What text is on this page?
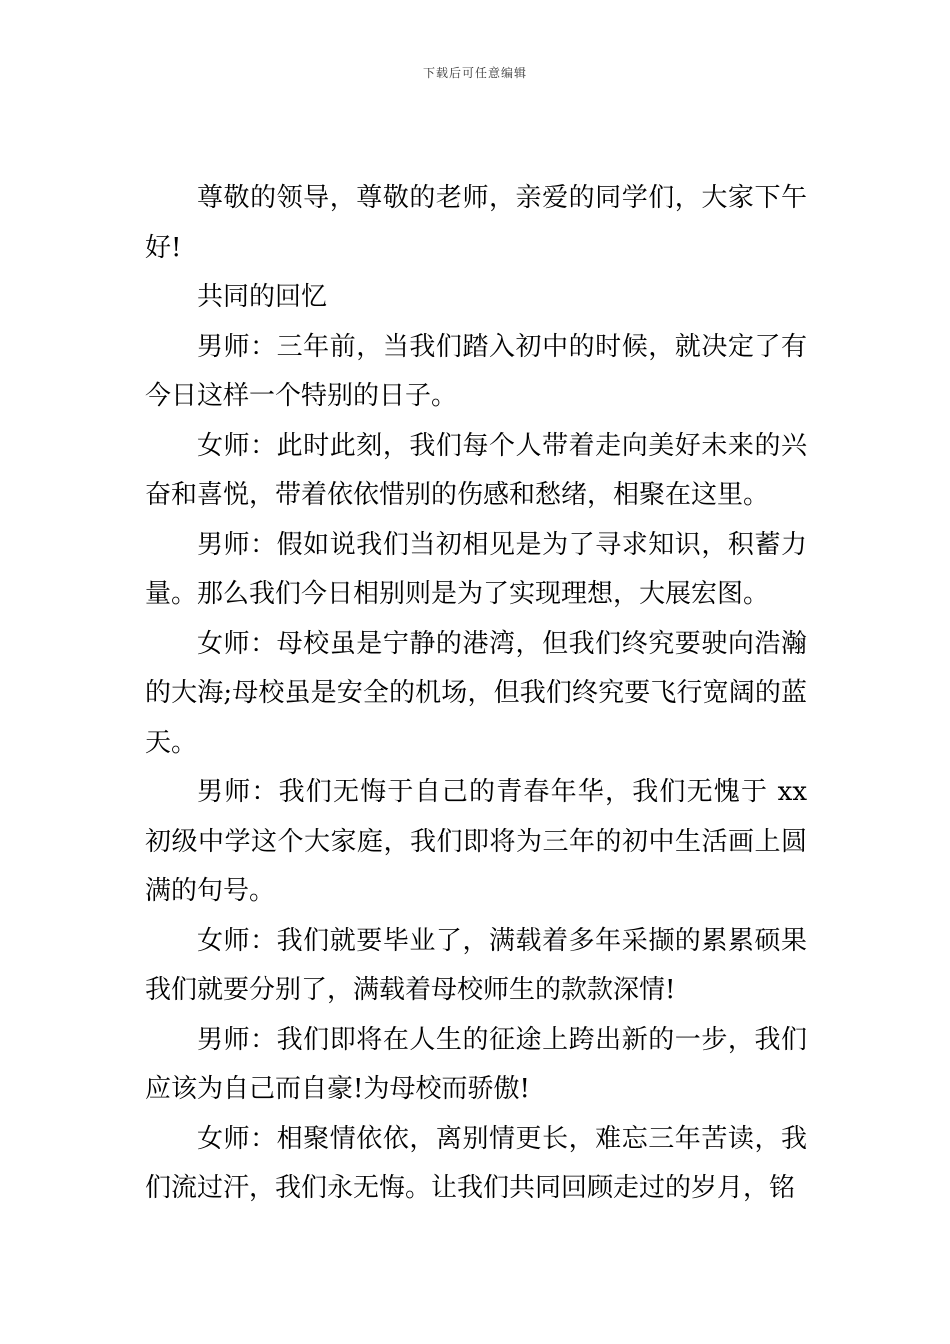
下载后可任意编辑

尊敬的领导，尊敬的老师，亲爱的同学们，大家下午好!

共同的回忆

男师：三年前，当我们踏入初中的时候，就决定了有今日这样一个特别的日子。

女师：此时此刻，我们每个人带着走向美好未来的兴奋和喜悦，带着依依惜别的伤感和愁绪，相聚在这里。

男师：假如说我们当初相见是为了寻求知识，积蓄力量。那么我们今日相别则是为了实现理想，大展宏图。

女师：母校虽是宁静的港湾，但我们终究要驶向浩瀚的大海;母校虽是安全的机场，但我们终究要飞行宽阔的蓝天。

男师：我们无悔于自己的青春年华，我们无愧于 xx 初级中学这个大家庭，我们即将为三年的初中生活画上圆满的句号。

女师：我们就要毕业了，满载着多年采撷的累累硕果我们就要分别了，满载着母校师生的款款深情!

男师：我们即将在人生的征途上跨出新的一步，我们应该为自己而自豪!为母校而骄傲!

女师：相聚情依依，离别情更长，难忘三年苦读，我们流过汗，我们永无悔。让我们共同回顾走过的岁月，铭
